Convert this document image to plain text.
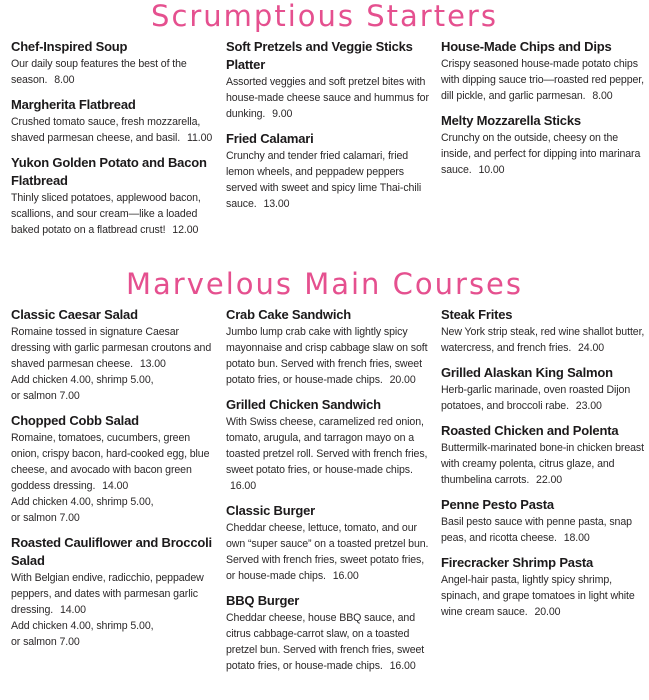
Scrumptious Starters

Chef-Inspired Soup

Our daily soup features the best of the season. 8.00

Margherita Flatbread

Crushed tomato sauce, fresh mozzarella, shaved parmesan cheese, and basil. 11.00

Yukon Golden Potato and Bacon Flatbread

Thinly sliced potatoes, applewood bacon, scallions, and sour cream—like a loaded baked potato on a flatbread crust! 12.00

Soft Pretzels and Veggie Sticks Platter

Assorted veggies and soft pretzel bites with house-made cheese sauce and hummus for dunking. 9.00

Fried Calamari

Crunchy and tender fried calamari, fried lemon wheels, and peppadew peppers served with sweet and spicy lime Thai-chili sauce. 13.00

House-Made Chips and Dips

Crispy seasoned house-made potato chips with dipping sauce trio—roasted red pepper, dill pickle, and garlic parmesan. 8.00

Melty Mozzarella Sticks

Crunchy on the outside, cheesy on the inside, and perfect for dipping into marinara sauce. 10.00

Marvelous Main Courses

Classic Caesar Salad

Romaine tossed in signature Caesar dressing with garlic parmesan croutons and shaved parmesan cheese. 13.00

Add chicken 4.00, shrimp 5.00,

or salmon 7.00

Chopped Cobb Salad

Romaine, tomatoes, cucumbers, green onion, crispy bacon, hard-cooked egg, blue cheese, and avocado with bacon green goddess dressing. 14.00

Add chicken 4.00, shrimp 5.00,

or salmon 7.00

Roasted Cauliflower and Broccoli Salad

With Belgian endive, radicchio, peppadew peppers, and dates with parmesan garlic dressing. 14.00

Add chicken 4.00, shrimp 5.00,

or salmon 7.00

Crab Cake Sandwich

Jumbo lump crab cake with lightly spicy mayonnaise and crisp cabbage slaw on soft potato bun. Served with french fries, sweet potato fries, or house-made chips. 20.00

Grilled Chicken Sandwich

With Swiss cheese, caramelized red onion, tomato, arugula, and tarragon mayo on a toasted pretzel roll. Served with french fries, sweet potato fries, or house-made chips. 16.00

Classic Burger

Cheddar cheese, lettuce, tomato, and our own “super sauce” on a toasted pretzel bun. Served with french fries, sweet potato fries, or house-made chips. 16.00

BBQ Burger

Cheddar cheese, house BBQ sauce, and citrus cabbage-carrot slaw, on a toasted pretzel bun. Served with french fries, sweet potato fries, or house-made chips. 16.00

Steak Frites

New York strip steak, red wine shallot butter, watercress, and french fries. 24.00

Grilled Alaskan King Salmon

Herb-garlic marinade, oven roasted Dijon potatoes, and broccoli rabe. 23.00

Roasted Chicken and Polenta

Buttermilk-marinated bone-in chicken breast with creamy polenta, citrus glaze, and thumbelina carrots. 22.00

Penne Pesto Pasta

Basil pesto sauce with penne pasta, snap peas, and ricotta cheese. 18.00

Firecracker Shrimp Pasta

Angel-hair pasta, lightly spicy shrimp, spinach, and grape tomatoes in light white wine cream sauce. 20.00
